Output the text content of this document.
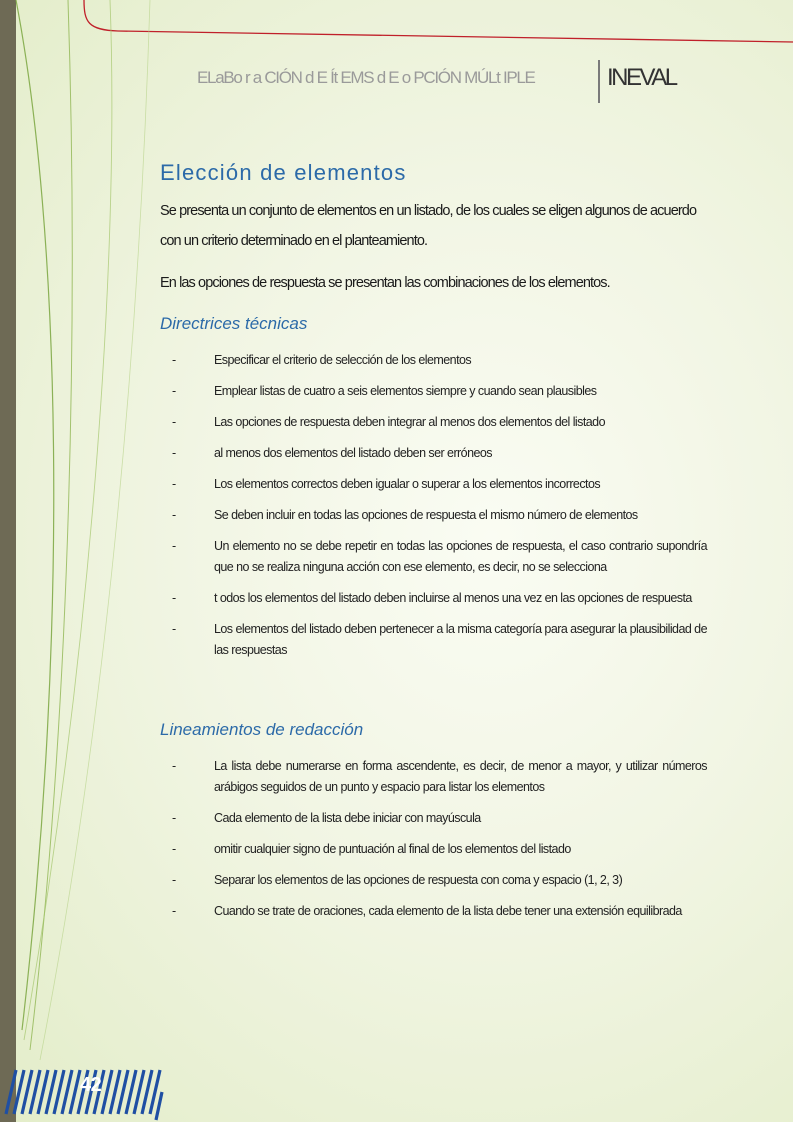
ELaBo r a CIÓN d E Ít EMS d E o PCIÓN MÚLt IPLE	INEVAL
Elección de elementos

Se presenta un conjunto de elementos en un listado, de los cuales se eligen algunos de acuerdo con un criterio determinado en el planteamiento.

En las opciones de respuesta se presentan las combinaciones de los elementos.

Directrices técnicas
-	Especificar el criterio de selección de los elementos
-	Emplear listas de cuatro a seis elementos siempre y cuando sean plausibles
-	Las opciones de respuesta deben integrar al menos dos elementos del listado
-	al menos dos elementos del listado deben ser erróneos
-	Los elementos correctos deben igualar o superar a los elementos incorrectos
-	Se deben incluir en todas las opciones de respuesta el mismo número de elementos
-	Un elemento no se debe repetir en todas las opciones de respuesta, el caso contrario supondría que no se realiza ninguna acción con ese elemento, es decir, no se selecciona
-	t odos los elementos del listado deben incluirse al menos una vez en las opciones de respuesta
-	Los elementos del listado deben pertenecer a la misma categoría para asegurar la plausibilidad de las respuestas
Lineamientos de redacción
-	La lista debe numerarse en forma ascendente, es decir, de menor a mayor, y utilizar números arábigos seguidos de un punto y espacio para listar los elementos
-	Cada elemento de la lista debe iniciar con mayúscula
-	omitir cualquier signo de puntuación al final de los elementos del listado
-	Separar los elementos de las opciones de respuesta con coma y espacio (1, 2, 3)
-	Cuando se trate de oraciones, cada elemento de la lista debe tener una extensión equilibrada
42
